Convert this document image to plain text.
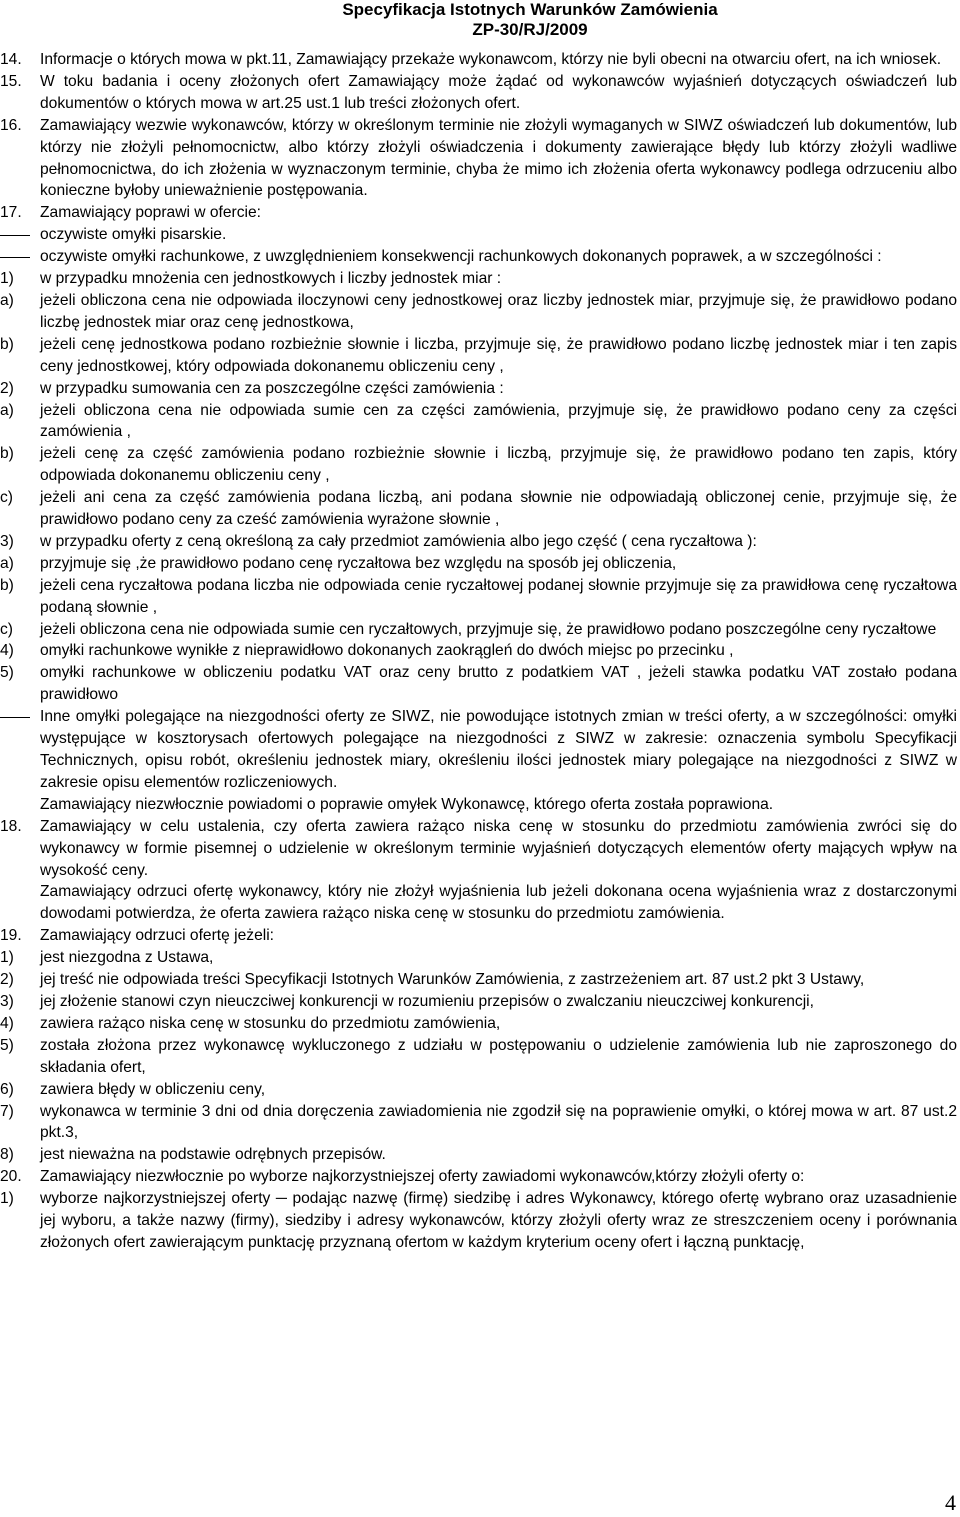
Specyfikacja Istotnych Warunków Zamówienia
ZP-30/RJ/2009
14.	Informacje o których mowa w pkt.11, Zamawiający przekaże wykonawcom, którzy nie byli obecni na otwarciu ofert, na ich wniosek.
15.	W toku badania i oceny złożonych ofert Zamawiający może żądać od wykonawców wyjaśnień dotyczących oświadczeń lub dokumentów o których mowa w art.25 ust.1 lub treści złożonych ofert.
16.	Zamawiający wezwie wykonawców, którzy w określonym terminie nie złożyli wymaganych w SIWZ oświadczeń lub dokumentów, lub którzy nie złożyli pełnomocnictw, albo którzy złożyli oświadczenia i dokumenty zawierające błędy lub którzy złożyli wadliwe pełnomocnictwa, do ich złożenia w wyznaczonym terminie, chyba że mimo ich złożenia oferta wykonawcy podlega odrzuceniu albo konieczne byłoby unieważnienie postępowania.
17.	Zamawiający poprawi w ofercie:
oczywiste omyłki pisarskie.
oczywiste omyłki rachunkowe, z uwzględnieniem konsekwencji rachunkowych dokonanych poprawek, a w szczególności :
1)	w przypadku mnożenia cen jednostkowych i liczby jednostek miar :
a)	jeżeli obliczona cena nie odpowiada iloczynowi ceny jednostkowej oraz liczby jednostek miar, przyjmuje się, że prawidłowo podano liczbę jednostek miar oraz cenę jednostkowa,
b)	jeżeli cenę jednostkowa podano rozbieżnie słownie i liczba, przyjmuje się, że prawidłowo podano liczbę jednostek miar i ten zapis ceny jednostkowej, który odpowiada dokonanemu obliczeniu ceny ,
2)	w przypadku sumowania cen za poszczególne części zamówienia :
a)	jeżeli obliczona cena nie odpowiada sumie cen za części zamówienia, przyjmuje się, że prawidłowo podano ceny za części zamówienia ,
b)	jeżeli cenę za część zamówienia podano rozbieżnie słownie i liczbą, przyjmuje się, że prawidłowo podano ten zapis, który odpowiada dokonanemu obliczeniu ceny ,
c)	jeżeli ani cena za część zamówienia podana liczbą, ani podana słownie nie odpowiadają obliczonej cenie, przyjmuje się, że prawidłowo podano ceny za cześć zamówienia wyrażone słownie ,
3)	w przypadku oferty z ceną określoną za cały przedmiot zamówienia albo jego część ( cena ryczałtowa ):
a)	przyjmuje się ,że prawidłowo podano cenę ryczałtowa bez względu na sposób jej obliczenia,
b)	jeżeli cena ryczałtowa podana liczba nie odpowiada cenie ryczałtowej podanej słownie przyjmuje się za prawidłowa cenę ryczałtowa podaną słownie ,
c)	jeżeli obliczona cena nie odpowiada sumie cen ryczałtowych, przyjmuje się, że prawidłowo podano poszczególne ceny ryczałtowe
4)	omyłki rachunkowe wynikłe z nieprawidłowo dokonanych zaokrągleń do dwóch miejsc po przecinku ,
5)	omyłki rachunkowe w obliczeniu podatku VAT oraz ceny brutto z podatkiem VAT , jeżeli stawka podatku VAT zostało podana prawidłowo
Inne omyłki polegające na niezgodności oferty ze SIWZ, nie powodujące istotnych zmian w treści oferty, a w szczególności: omyłki występujące w kosztorysach ofertowych polegające na niezgodności z SIWZ w zakresie: oznaczenia symbolu Specyfikacji Technicznych, opisu robót, określeniu jednostek miary, określeniu ilości jednostek miary polegające na niezgodności z SIWZ w zakresie opisu elementów rozliczeniowych.
Zamawiający niezwłocznie powiadomi o poprawie omyłek Wykonawcę, którego oferta została poprawiona.
18.	Zamawiający w celu ustalenia, czy oferta zawiera rażąco niska cenę w stosunku do przedmiotu zamówienia zwróci się do wykonawcy w formie pisemnej o udzielenie w określonym terminie wyjaśnień dotyczących elementów oferty mających wpływ na wysokość ceny.
Zamawiający odrzuci ofertę wykonawcy, który nie złożył wyjaśnienia lub jeżeli dokonana ocena wyjaśnienia wraz z dostarczonymi dowodami potwierdza, że oferta zawiera rażąco niska cenę w stosunku do przedmiotu zamówienia.
19.	Zamawiający odrzuci ofertę jeżeli:
1)	jest niezgodna z Ustawa,
2)	jej treść nie odpowiada treści Specyfikacji Istotnych Warunków Zamówienia, z zastrzeżeniem art. 87 ust.2 pkt 3 Ustawy,
3)	jej złożenie stanowi czyn nieuczciwej konkurencji w rozumieniu przepisów o zwalczaniu nieuczciwej konkurencji,
4)	zawiera rażąco niska cenę w stosunku do przedmiotu zamówienia,
5)	została złożona przez wykonawcę wykluczonego z udziału w postępowaniu o udzielenie zamówienia lub nie zaproszonego do składania ofert,
6)	zawiera błędy w obliczeniu ceny,
7)	wykonawca w terminie 3 dni od dnia doręczenia zawiadomienia nie zgodził się na poprawienie omyłki, o której mowa w art. 87 ust.2 pkt.3,
8)	jest nieważna na podstawie odrębnych przepisów.
20.	Zamawiający niezwłocznie po wyborze najkorzystniejszej oferty zawiadomi wykonawców,którzy złożyli oferty o:
1)	wyborze najkorzystniejszej oferty ─ podając nazwę (firmę) siedzibę i adres Wykonawcy, którego ofertę wybrano oraz uzasadnienie jej wyboru, a także nazwy (firmy), siedziby i adresy wykonawców, którzy złożyli oferty wraz ze streszczeniem oceny i porównania złożonych ofert zawierającym punktację przyznaną ofertom w każdym kryterium oceny ofert i łączną punktację,
4
